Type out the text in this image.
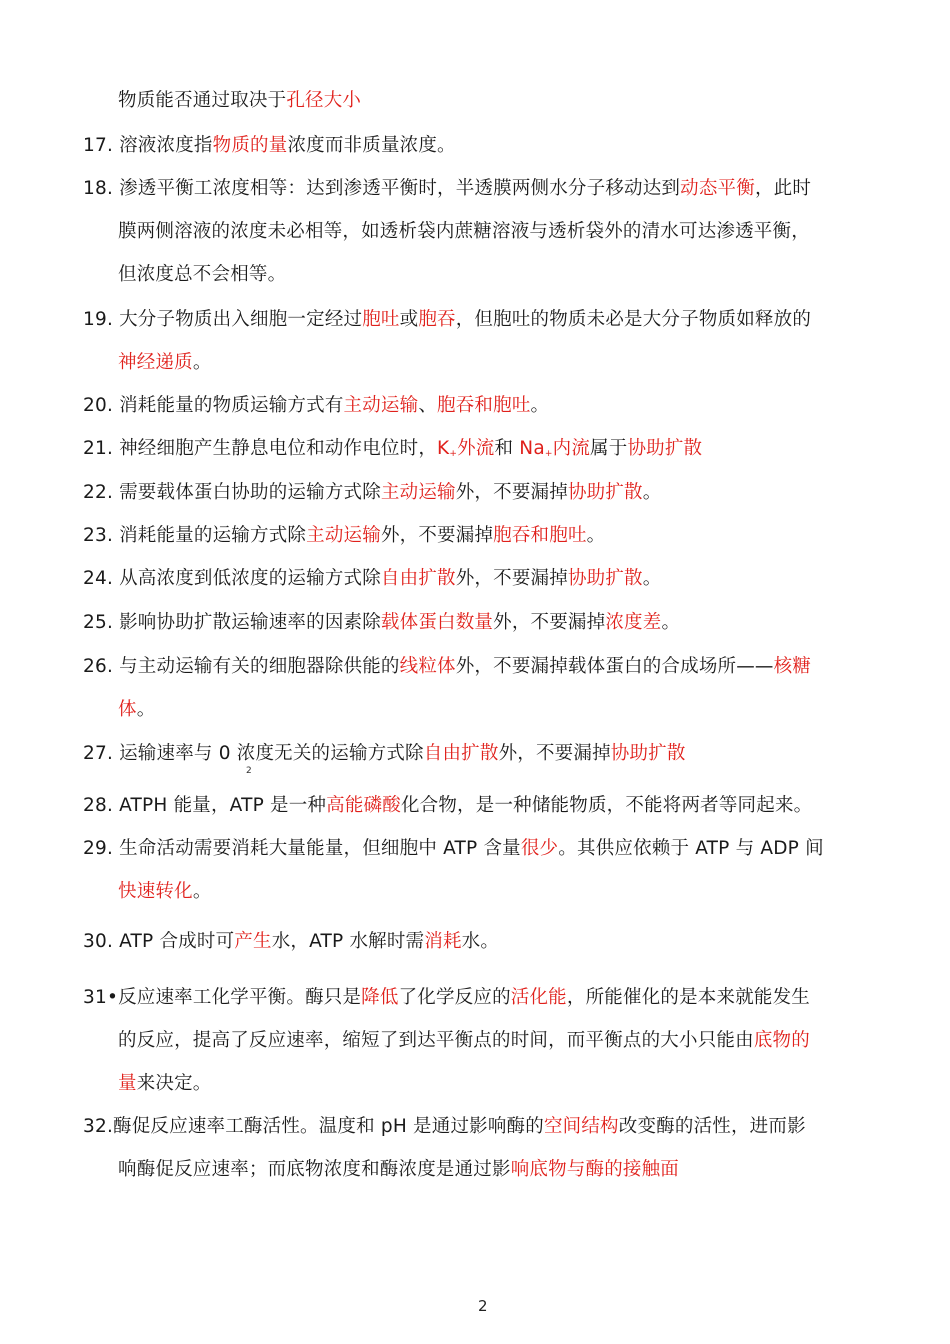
物质能否通过取决于孔径大小
17. 溶液浓度指物质的量浓度而非质量浓度。
18. 渗透平衡工浓度相等：达到渗透平衡时，半透膜两侧水分子移动达到动态平衡，此时
膜两侧溶液的浓度未必相等，如透析袋内蔗糖溶液与透析袋外的清水可达渗透平衡，
但浓度总不会相等。
19. 大分子物质出入细胞一定经过胞吐或胞吞，但胞吐的物质未必是大分子物质如释放的
神经递质。
20. 消耗能量的物质运输方式有主动运输、胞吞和胞吐。
21. 神经细胞产生静息电位和动作电位时，$K_+$外流和 $Na_+$内流属于协助扩散
22. 需要载体蛋白协助的运输方式除主动运输外，不要漏掉协助扩散。
23. 消耗能量的运输方式除主动运输外，不要漏掉胞吞和胞吐。
24. 从高浓度到低浓度的运输方式除自由扩散外，不要漏掉协助扩散。
25. 影响协助扩散运输速率的因素除载体蛋白数量外，不要漏掉浓度差。
26. 与主动运输有关的细胞器除供能的线粒体外，不要漏掉载体蛋白的合成场所——核糖
体。
27. 运输速率与 0 浓度无关的运输方式除自由扩散外，不要漏掉协助扩散
28. ATPH 能量，ATP 是一种高能磷酸化合物，是一种储能物质，不能将两者等同起来。
29. 生命活动需要消耗大量能量，但细胞中 ATP 含量很少。其供应依赖于 ATP 与 ADP 间
快速转化。
30. ATP 合成时可产生水，ATP 水解时需消耗水。
31•反应速率工化学平衡。酶只是降低了化学反应的活化能，所能催化的是本来就能发生
的反应，提高了反应速率，缩短了到达平衡点的时间，而平衡点的大小只能由底物的
量来决定。
32.酶促反应速率工酶活性。温度和 pH 是通过影响酶的空间结构改变酶的活性，进而影
响酶促反应速率；而底物浓度和酶浓度是通过影响底物与酶的接触面
2
2
